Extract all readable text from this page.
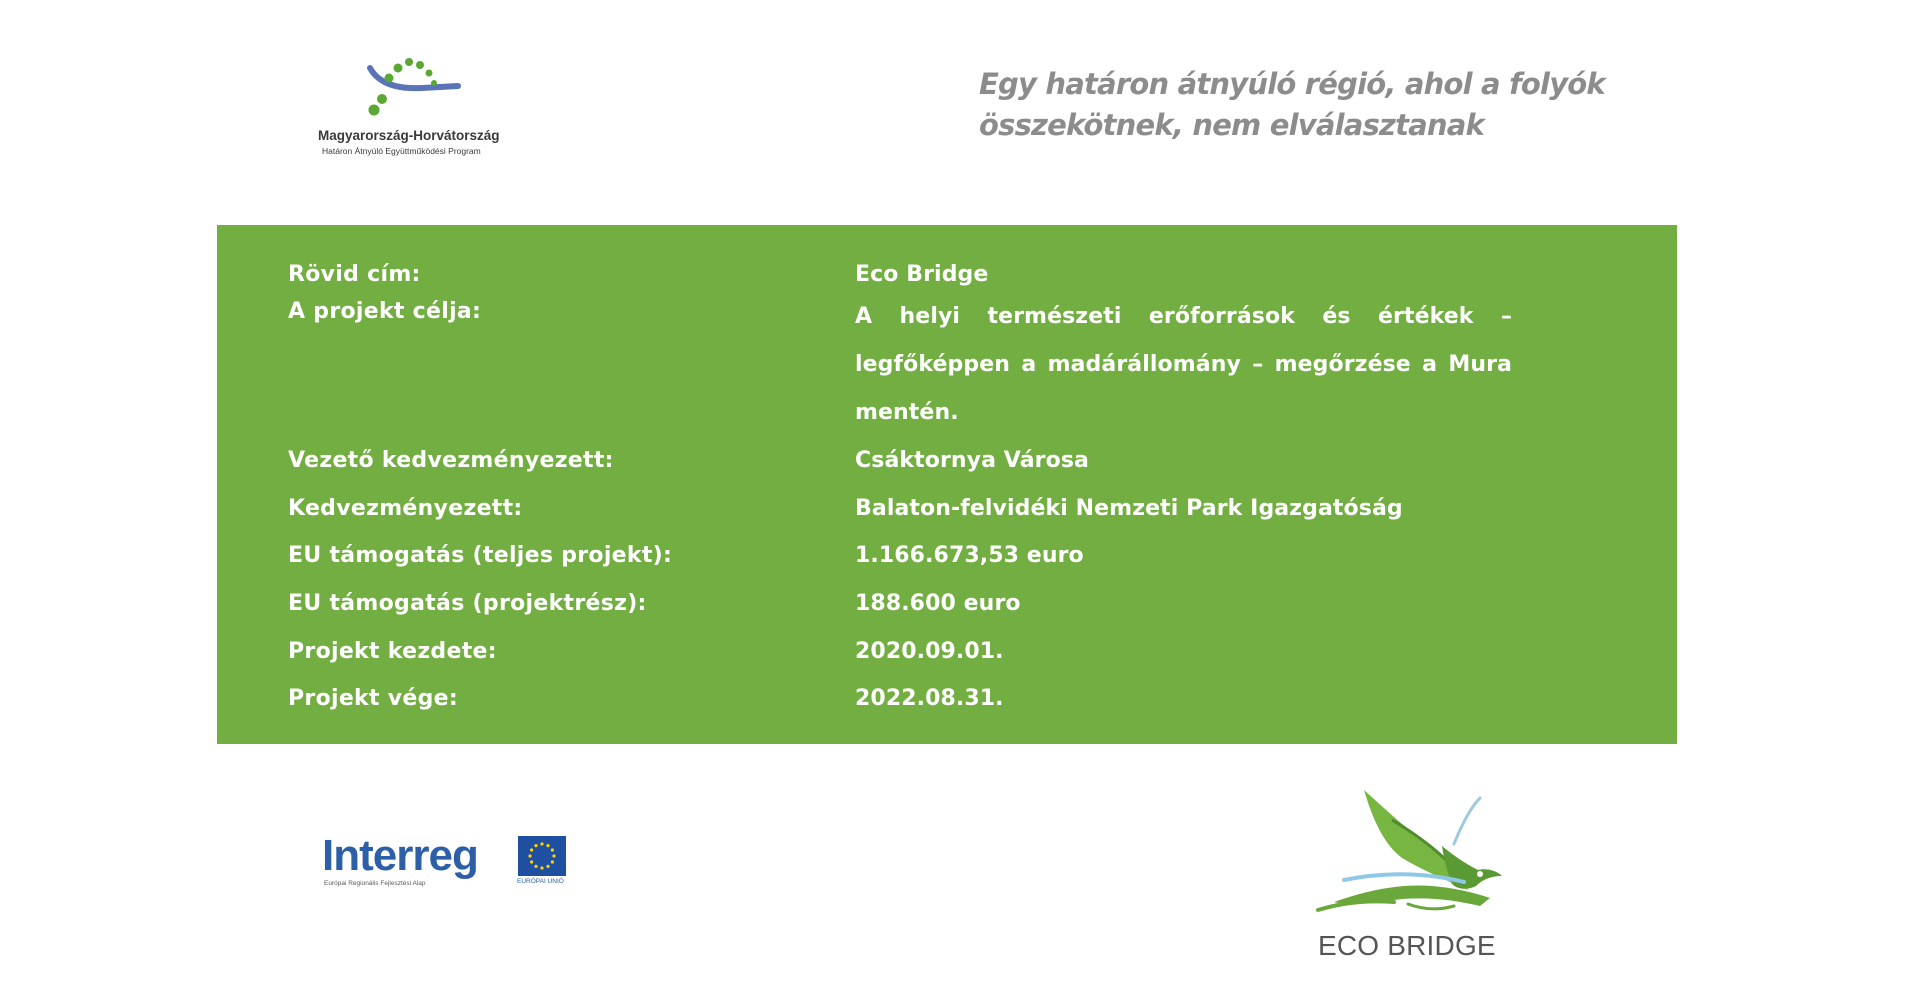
Magyarország-Horvátország
Határon Átnyúló Együttműködési Program
Egy határon átnyúló régió, ahol a folyók
összekötnek, nem elválasztanak
Rövid cím:	Eco Bridge
A projekt célja:	A helyi természeti erőforrások és értékek – legfőképpen a madárállomány – megőrzése a Mura mentén.
Vezető kedvezményezett:	Csáktornya Városa
Kedvezményezett:	Balaton-felvidéki Nemzeti Park Igazgatóság
EU támogatás (teljes projekt):	1.166.673,53 euro
EU támogatás (projektrész):	188.600 euro
Projekt kezdete:	2020.09.01.
Projekt vége:	2022.08.31.
Interreg
Európai Regionális Fejlesztési Alap	EURÓPAI UNIÓ
ECO BRIDGE
